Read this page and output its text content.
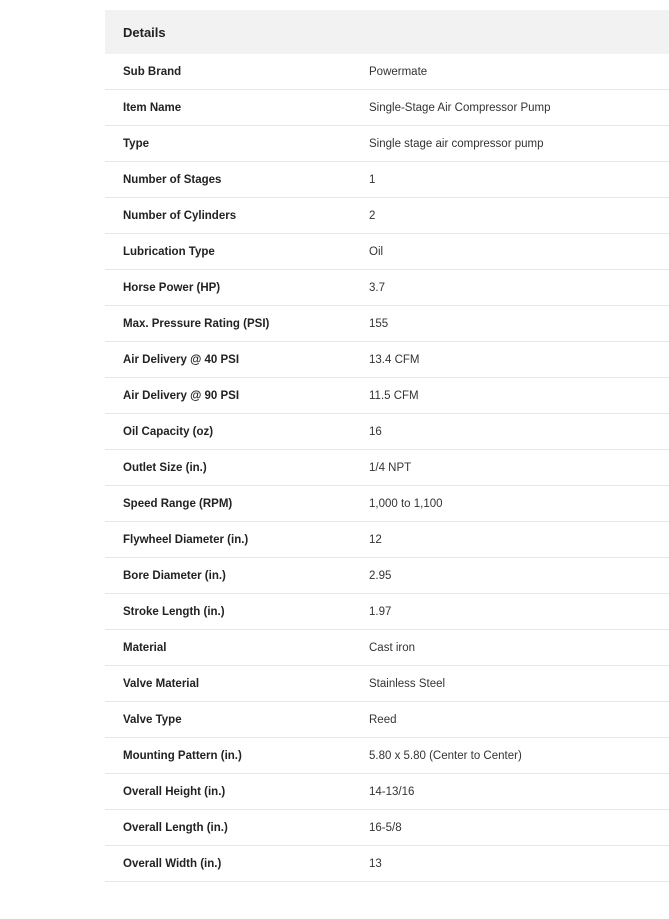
Details
Sub Brand	Powermate
Item Name	Single-Stage Air Compressor Pump
Type	Single stage air compressor pump
Number of Stages	1
Number of Cylinders	2
Lubrication Type	Oil
Horse Power (HP)	3.7
Max. Pressure Rating (PSI)	155
Air Delivery @ 40 PSI	13.4 CFM
Air Delivery @ 90 PSI	11.5 CFM
Oil Capacity (oz)	16
Outlet Size (in.)	1/4 NPT
Speed Range (RPM)	1,000 to 1,100
Flywheel Diameter (in.)	12
Bore Diameter (in.)	2.95
Stroke Length (in.)	1.97
Material	Cast iron
Valve Material	Stainless Steel
Valve Type	Reed
Mounting Pattern (in.)	5.80 x 5.80 (Center to Center)
Overall Height (in.)	14-13/16
Overall Length (in.)	16-5/8
Overall Width (in.)	13
